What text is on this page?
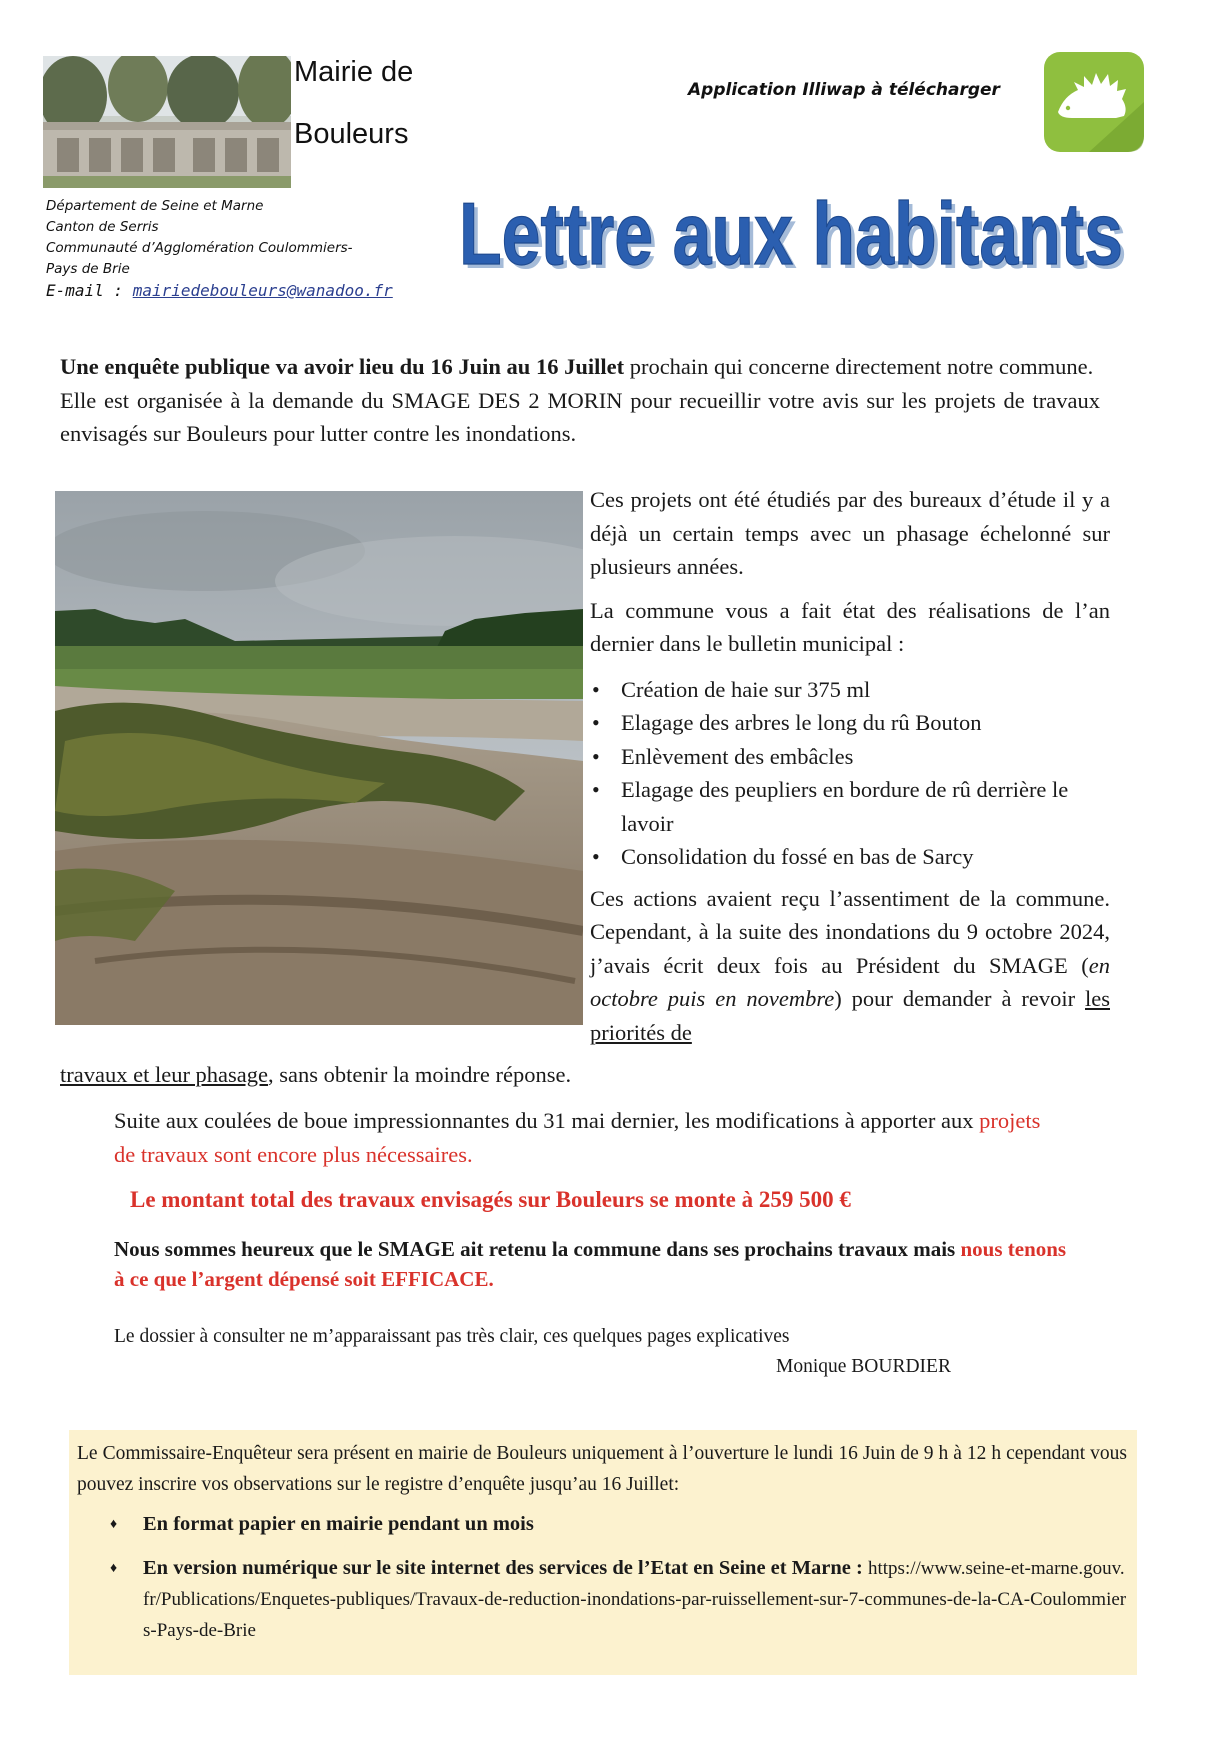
Mairie de
Bouleurs
Département de Seine et Marne
Canton de Serris
Communauté d’Agglomération Coulommiers-
Pays de Brie
E-mail : mairiedebouleurs@wanadoo.fr
Application Illiwap à télécharger
Lettre aux habitants
Lettre aux habitants
Une enquête publique va avoir lieu du 16 Juin au 16 Juillet prochain qui concerne directement notre commune.
Elle est organisée à la demande du SMAGE DES 2 MORIN pour recueillir votre avis sur les projets de travaux envisagés sur Bouleurs pour lutter contre les inondations.

Ces projets ont été étudiés par des bureaux d’étude il y a déjà un certain temps avec un phasage échelonné sur plusieurs années.

La commune vous a fait état des réalisations de l’an dernier dans le bulletin municipal :

• Création de haie sur 375 ml
• Elagage des arbres le long du rû Bouton
• Enlèvement des embâcles
• Elagage des peupliers en bordure de rû derrière le lavoir
• Consolidation du fossé en bas de Sarcy

Ces actions avaient reçu l’assentiment de la commune. Cependant, à la suite des inondations du 9 octobre 2024, j’avais écrit deux fois au Président du SMAGE (en octobre puis en novembre) pour demander à revoir les priorités de

travaux et leur phasage, sans obtenir la moindre réponse.
Suite aux coulées de boue impressionnantes du 31 mai dernier, les modifications à apporter aux projets de travaux sont encore plus nécessaires.
Le montant total des travaux envisagés sur Bouleurs se monte à 259 500 €
Nous sommes heureux que le SMAGE ait retenu la commune dans ses prochains travaux mais nous tenons à ce que l’argent dépensé soit EFFICACE.
Le dossier à consulter ne m’apparaissant pas très clair, ces quelques pages explicatives
Monique BOURDIER
Le Commissaire-Enquêteur sera présent en mairie de Bouleurs uniquement à l’ouverture le lundi 16 Juin de 9 h à 12 h cependant vous pouvez inscrire vos observations sur le registre d’enquête jusqu’au 16 Juillet:
♦ En format papier en mairie pendant un mois
♦ En version numérique sur le site internet des services de l’Etat en Seine et Marne : https://www.seine-et-marne.gouv.fr/Publications/Enquetes-publiques/Travaux-de-reduction-inondations-par-ruissellement-sur-7-communes-de-la-CA-Coulommiers-Pays-de-Brie
